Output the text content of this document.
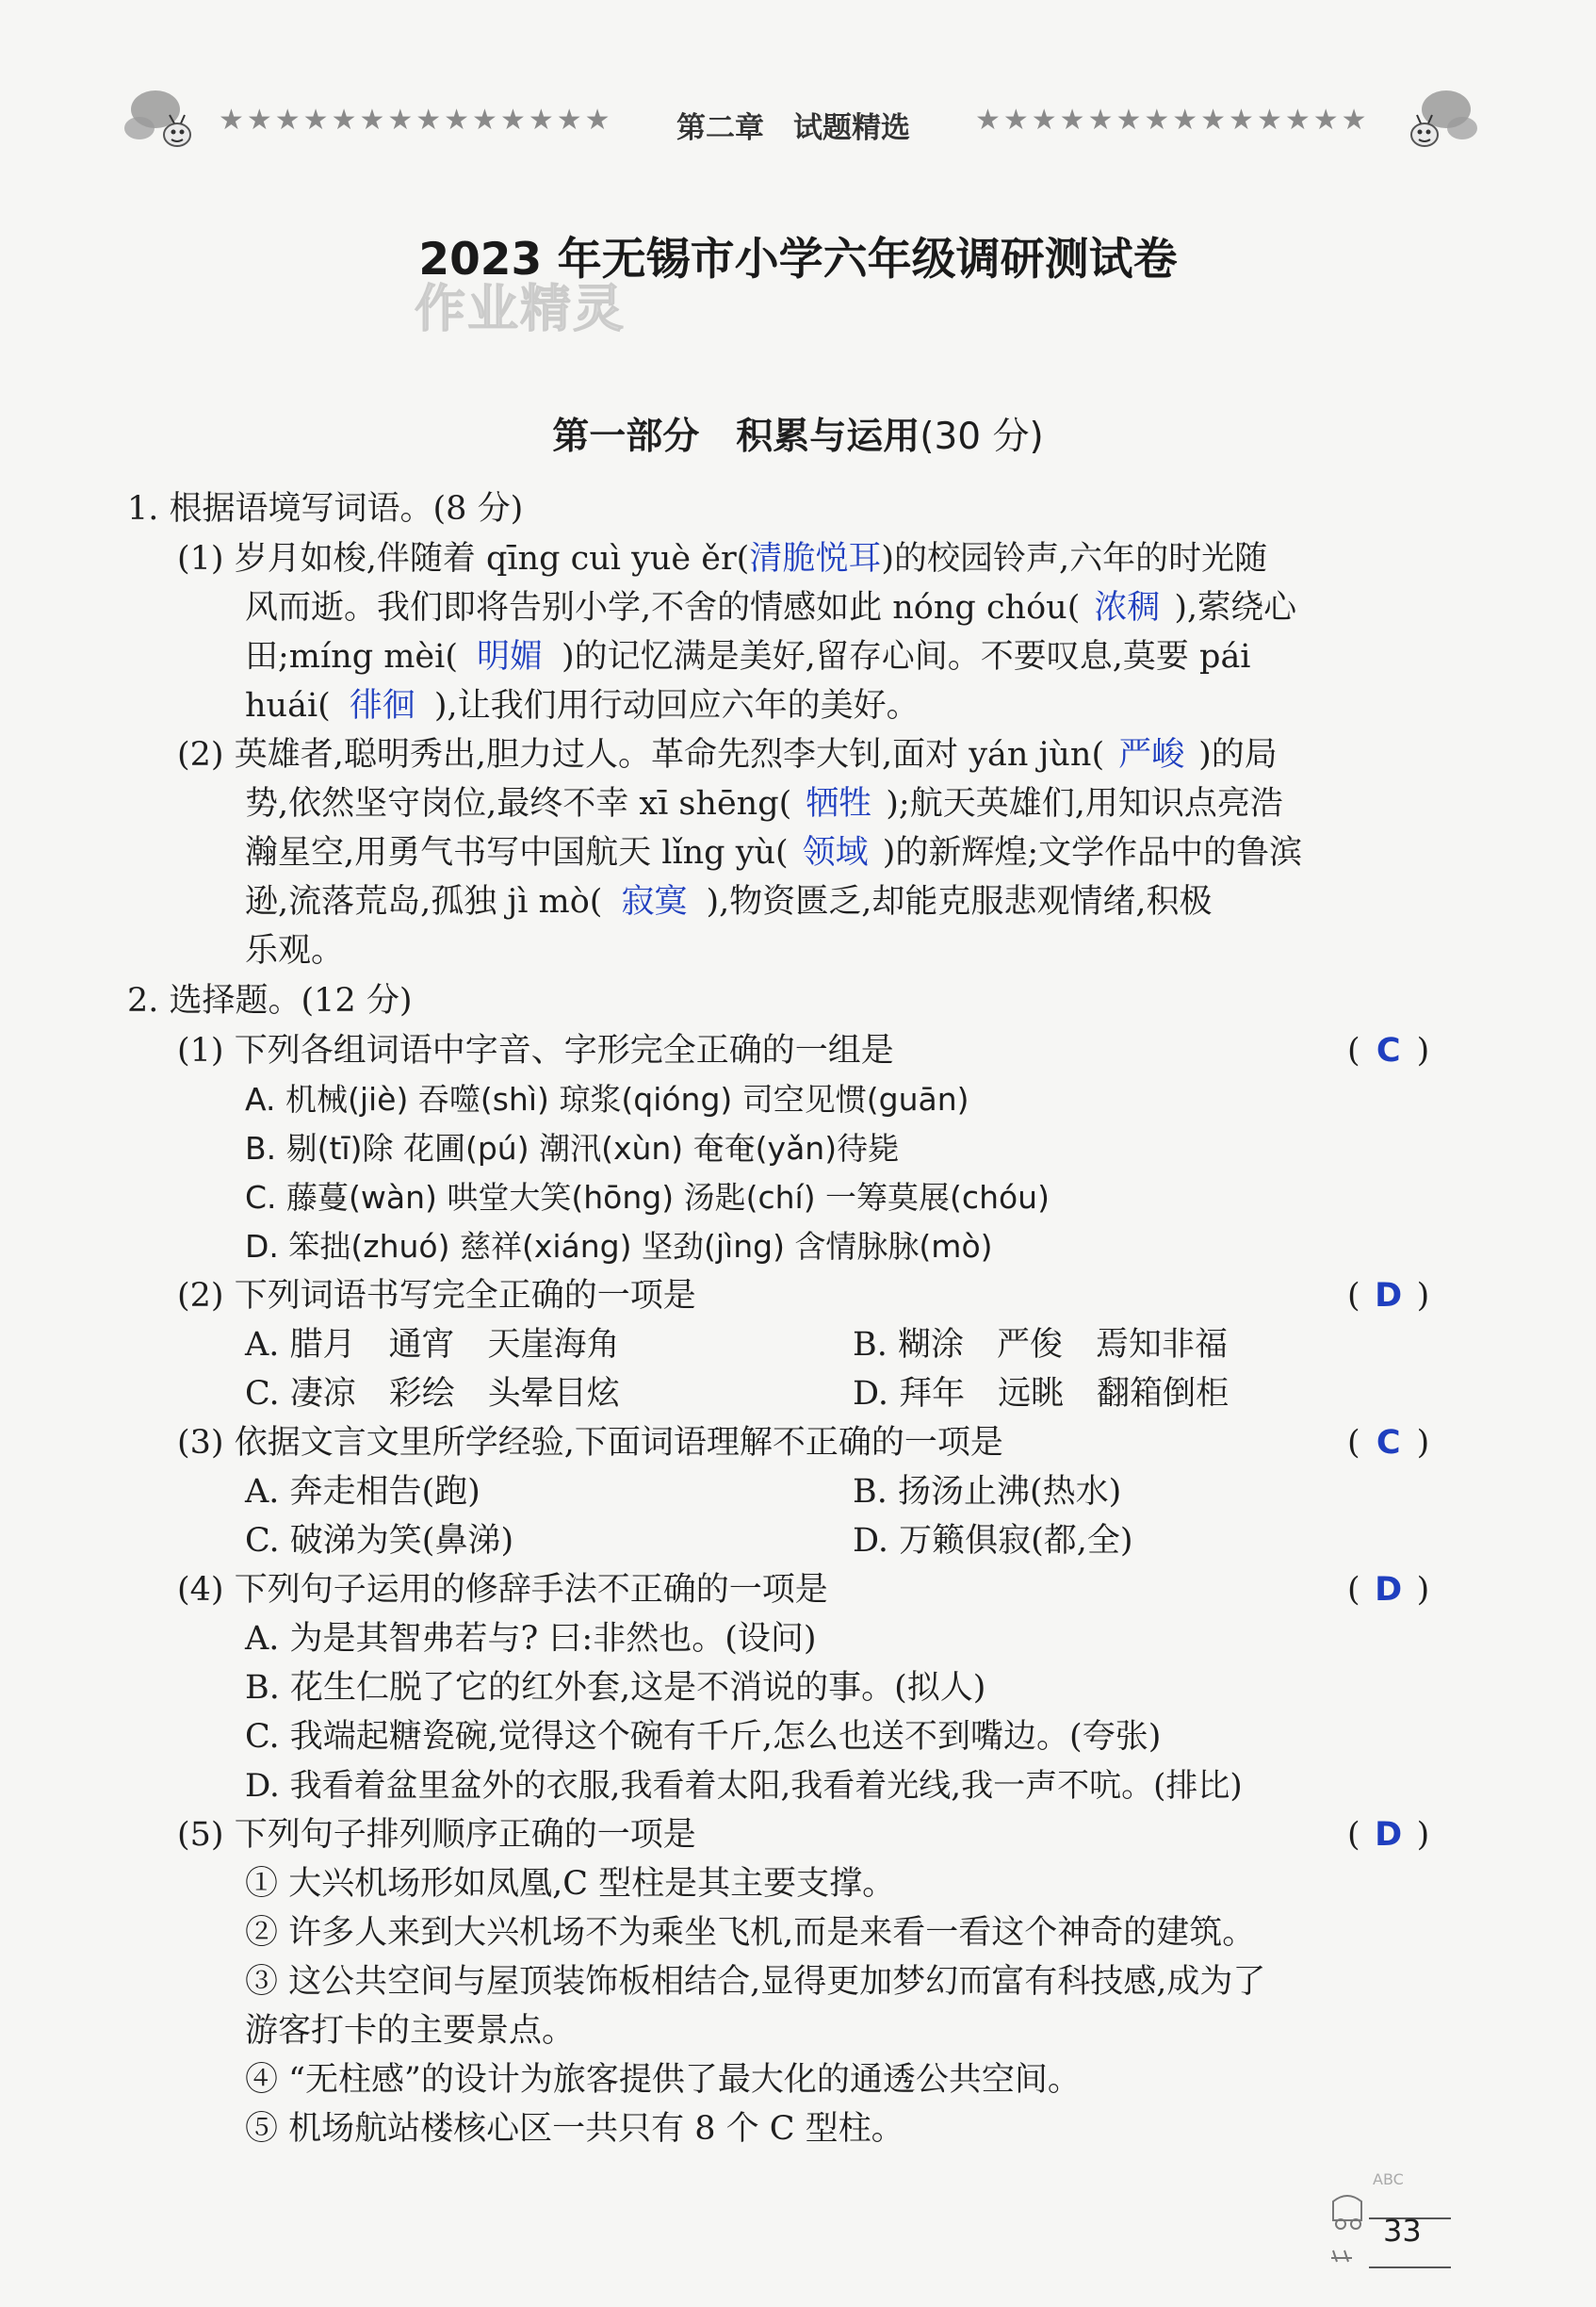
★★★★★★★★★★★★★★ 第二章　试题精选 ★★★★★★★★★★★★★★
2023 年无锡市小学六年级调研测试卷
作业精灵
第一部分　积累与运用(30 分)
1. 根据语境写词语。(8 分)
(1) 岁月如梭,伴随着 qīng cuì yuè ěr(清脆悦耳)的校园铃声,六年的时光随
风而逝。我们即将告别小学,不舍的情感如此 nóng chóu( 浓稠 ),萦绕心
田;míng mèi( 明媚 )的记忆满是美好,留存心间。不要叹息,莫要 pái
huái( 徘徊 ),让我们用行动回应六年的美好。
(2) 英雄者,聪明秀出,胆力过人。革命先烈李大钊,面对 yán jùn( 严峻 )的局
势,依然坚守岗位,最终不幸 xī shēng( 牺牲 );航天英雄们,用知识点亮浩
瀚星空,用勇气书写中国航天 lǐng yù( 领域 )的新辉煌;文学作品中的鲁滨
逊,流落荒岛,孤独 jì mò( 寂寞 ),物资匮乏,却能克服悲观情绪,积极
乐观。
2. 选择题。(12 分)
(1) 下列各组词语中字音、字形完全正确的一组是	( C )
A. 机械(jiè) 吞噬(shì) 琼浆(qióng) 司空见惯(guān)
B. 剔(tī)除 花圃(pú) 潮汛(xùn) 奄奄(yǎn)待毙
C. 藤蔓(wàn) 哄堂大笑(hōng) 汤匙(chí) 一筹莫展(chóu)
D. 笨拙(zhuó) 慈祥(xiáng) 坚劲(jìng) 含情脉脉(mò)
(2) 下列词语书写完全正确的一项是	( D )
A. 腊月　通宵　天崖海角	B. 糊涂　严俊　焉知非福
C. 凄凉　彩绘　头晕目炫	D. 拜年　远眺　翻箱倒柜
(3) 依据文言文里所学经验,下面词语理解不正确的一项是	( C )
A. 奔走相告(跑)	B. 扬汤止沸(热水)
C. 破涕为笑(鼻涕)	D. 万籁俱寂(都,全)
(4) 下列句子运用的修辞手法不正确的一项是	( D )
A. 为是其智弗若与? 曰:非然也。(设问)
B. 花生仁脱了它的红外套,这是不消说的事。(拟人)
C. 我端起糖瓷碗,觉得这个碗有千斤,怎么也送不到嘴边。(夸张)
D. 我看着盆里盆外的衣服,我看着太阳,我看着光线,我一声不吭。(排比)
(5) 下列句子排列顺序正确的一项是	( D )
① 大兴机场形如凤凰,C 型柱是其主要支撑。
② 许多人来到大兴机场不为乘坐飞机,而是来看一看这个神奇的建筑。
③ 这公共空间与屋顶装饰板相结合,显得更加梦幻而富有科技感,成为了
游客打卡的主要景点。
④ “无柱感”的设计为旅客提供了最大化的通透公共空间。
⑤ 机场航站楼核心区一共只有 8 个 C 型柱。
ABC
33
